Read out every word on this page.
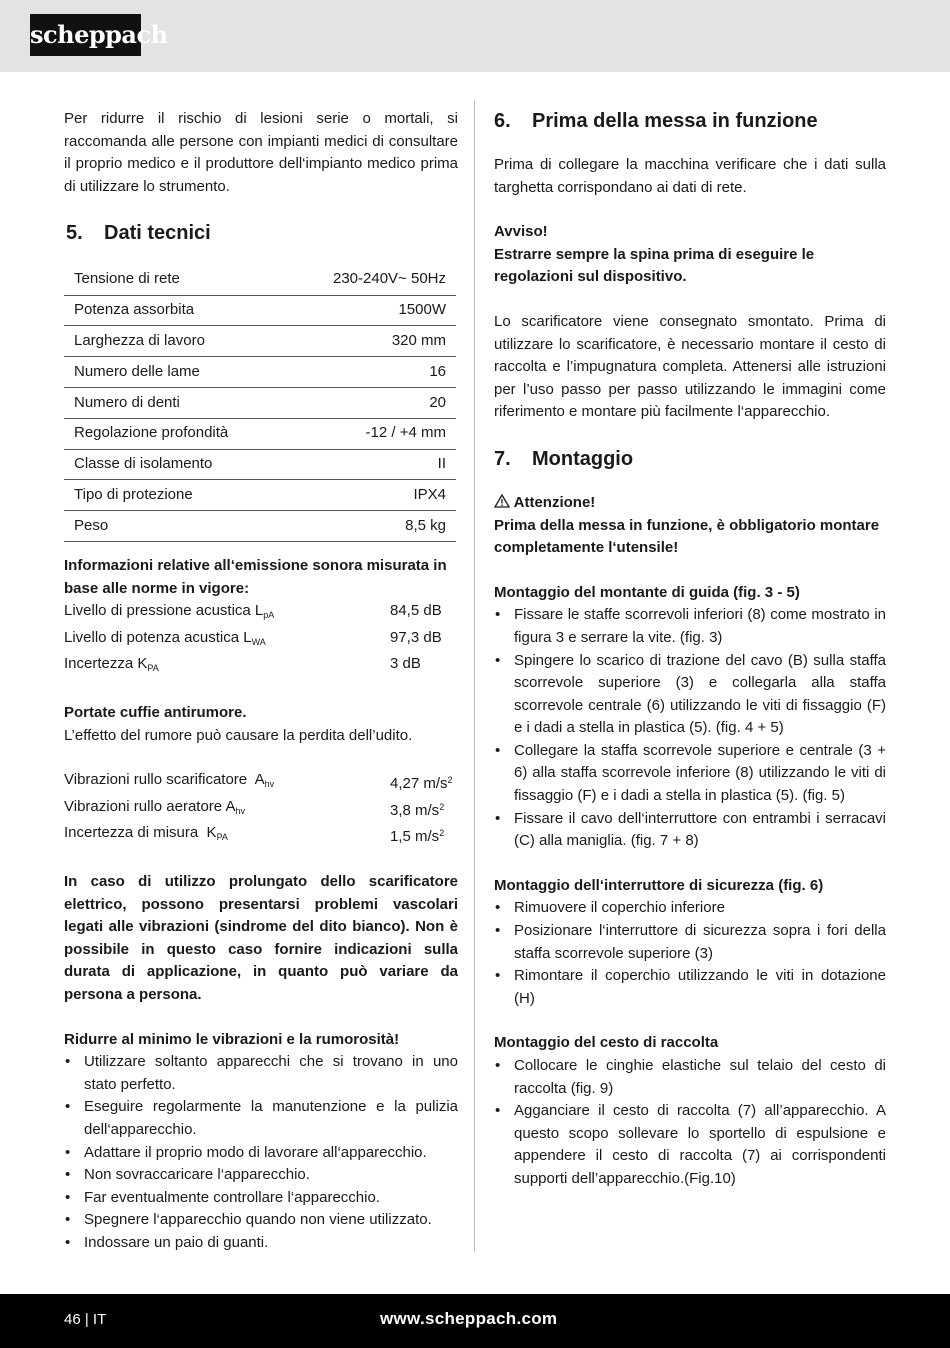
scheppach

Per ridurre il rischio di lesioni serie o mortali, si raccomanda alle persone con impianti medici di consultare il proprio medico e il produttore dell‘impianto medico prima di utilizzare lo strumento.

5.	Dati tecnici
Tensione di rete	230-240V~ 50Hz
Potenza assorbita	1500W
Larghezza di lavoro	320 mm
Numero delle lame	16
Numero di denti	20
Regolazione profondità	-12 / +4 mm
Classe di isolamento	II
Tipo di protezione	IPX4
Peso	8,5 kg

Informazioni relative all‘emissione sonora misurata in base alle norme in vigore:

Livello di pressione acustica $L_{pA}$	84,5 dB
Livello di potenza acustica $L_{WA}$	97,3 dB
Incertezza $K_{PA}$	3 dB

Portate cuffie antirumore.

L’effetto del rumore può causare la perdita dell’udito.

Vibrazioni rullo scarificatore  $A_{hv}$	4,27 $m/s^2$
Vibrazioni rullo aeratore $A_{hv}$	3,8 $m/s^2$
Incertezza di misura  $K_{PA}$	1,5 $m/s^2$

In caso di utilizzo prolungato dello scarificatore elettrico, possono presentarsi problemi vascolari legati alle vibrazioni (sindrome del dito bianco). Non è possibile in questo caso fornire indicazioni sulla durata di applicazione, in quanto può variare da persona a persona.

Ridurre al minimo le vibrazioni e la rumorosità!

• Utilizzare soltanto apparecchi che si trovano in uno stato perfetto.
• Eseguire regolarmente la manutenzione e la pulizia dell‘apparecchio.
• Adattare il proprio modo di lavorare all‘apparecchio.
• Non sovraccaricare l‘apparecchio.
• Far eventualmente controllare l‘apparecchio.
• Spegnere l‘apparecchio quando non viene utilizzato.
• Indossare un paio di guanti.
6.	Prima della messa in funzione

Prima di collegare la macchina verificare che i dati sulla targhetta corrispondano ai dati di rete.

Avviso!

Estrarre sempre la spina prima di eseguire le regolazioni sul dispositivo.

Lo scarificatore viene consegnato smontato. Prima di utilizzare lo scarificatore, è necessario montare il cesto di raccolta e l’impugnatura completa. Attenersi alle istruzioni per l’uso passo per passo utilizzando le immagini come riferimento e montare più facilmente l‘apparecchio.

7.	Montaggio

Attenzione!

Prima della messa in funzione, è obbligatorio montare completamente l‘utensile!

Montaggio del montante di guida (fig. 3 - 5)

• Fissare le staffe scorrevoli inferiori (8) come mostrato in figura 3 e serrare la vite. (fig. 3)
• Spingere lo scarico di trazione del cavo (B) sulla staffa scorrevole superiore (3) e collegarla alla staffa scorrevole centrale (6) utilizzando le viti di fissaggio (F) e i dadi a stella in plastica (5). (fig. 4 + 5)
• Collegare la staffa scorrevole superiore e centrale (3 + 6) alla staffa scorrevole inferiore (8) utilizzando le viti di fissaggio (F) e i dadi a stella in plastica (5). (fig. 5)
• Fissare il cavo dell‘interruttore con entrambi i serracavi (C) alla maniglia. (fig. 7 + 8)

Montaggio dell‘interruttore di sicurezza (fig. 6)

• Rimuovere il coperchio inferiore
• Posizionare l‘interruttore di sicurezza sopra i fori della staffa scorrevole superiore (3)
• Rimontare il coperchio utilizzando le viti in dotazione (H)

Montaggio del cesto di raccolta

• Collocare le cinghie elastiche sul telaio del cesto di raccolta (fig. 9)
• Agganciare il cesto di raccolta (7) all’apparecchio. A questo scopo sollevare lo sportello di espulsione e appendere il cesto di raccolta (7) ai corrispondenti supporti dell’apparecchio.(Fig.10)
46 | IT	www.scheppach.com
